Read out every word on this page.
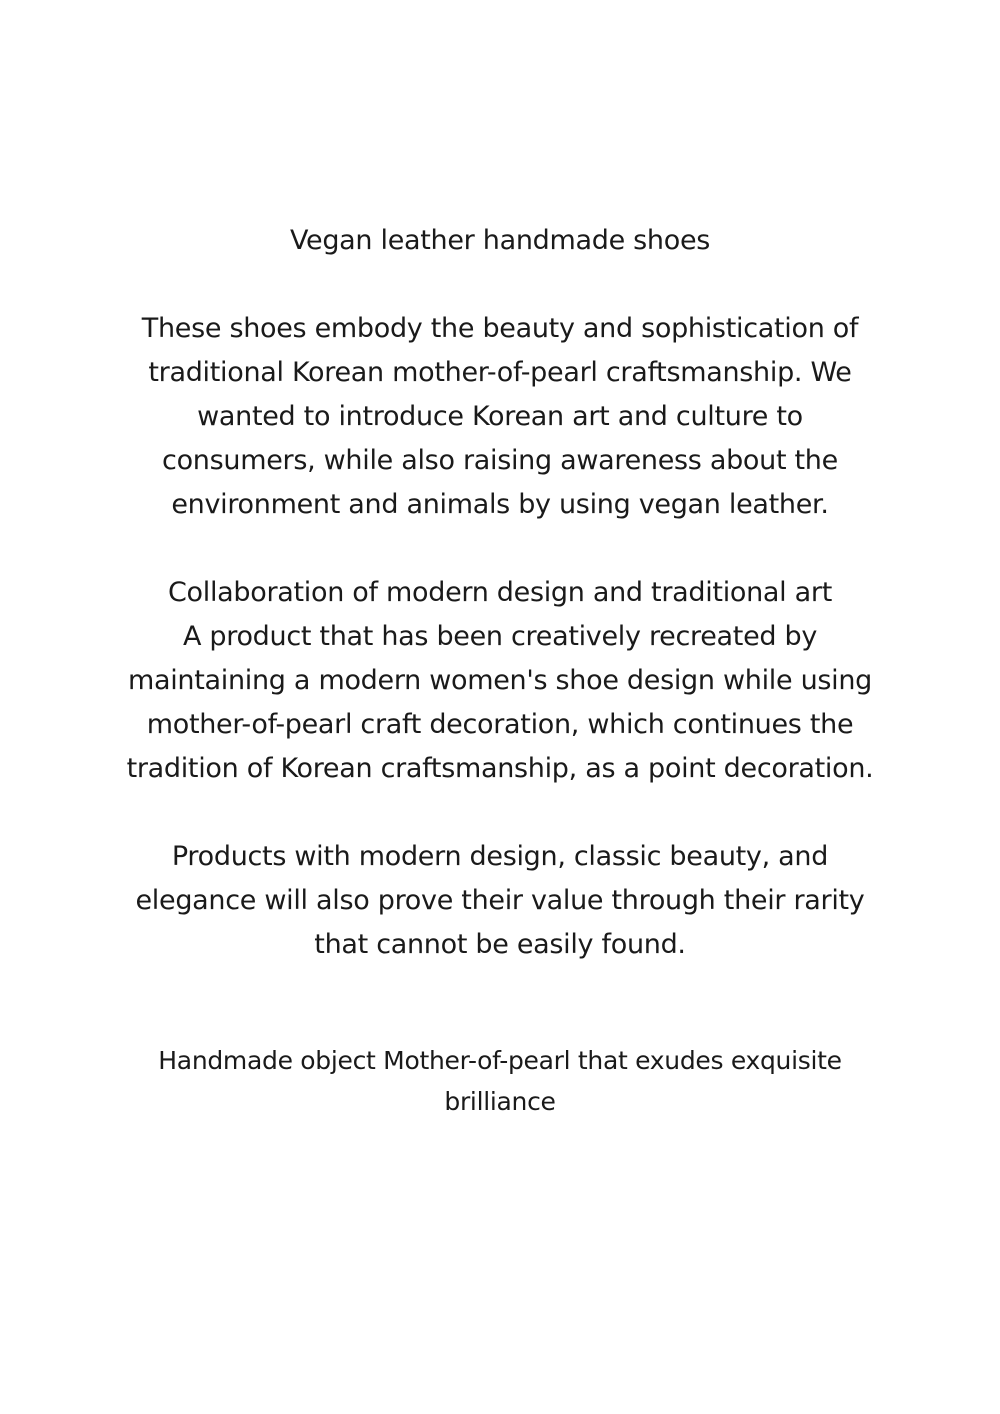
Vegan leather handmade shoes
These shoes embody the beauty and sophistication of
traditional Korean mother-of-pearl craftsmanship. We
wanted to introduce Korean art and culture to
consumers, while also raising awareness about the
environment and animals by using vegan leather.
Collaboration of modern design and traditional art
A product that has been creatively recreated by
maintaining a modern women's shoe design while using
mother-of-pearl craft decoration, which continues the
tradition of Korean craftsmanship, as a point decoration.
Products with modern design, classic beauty, and
elegance will also prove their value through their rarity
that cannot be easily found.
Handmade object Mother-of-pearl that exudes exquisite
brilliance
